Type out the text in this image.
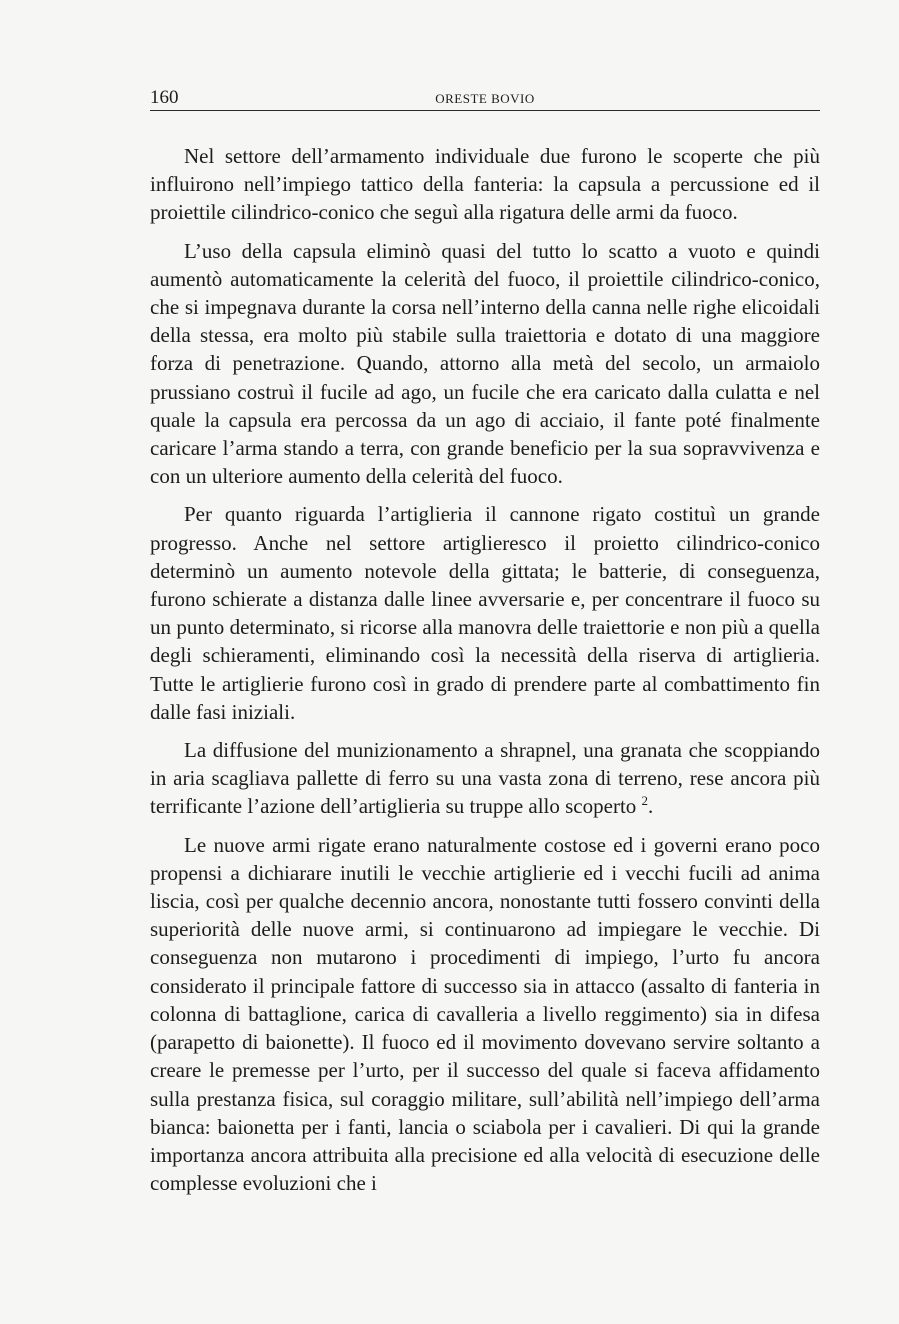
160	ORESTE BOVIO

Nel settore dell’armamento individuale due furono le scoperte che più influirono nell’impiego tattico della fanteria: la capsula a percussione ed il proiettile cilindrico-conico che seguì alla rigatura delle armi da fuoco.

L’uso della capsula eliminò quasi del tutto lo scatto a vuoto e quindi aumentò automaticamente la celerità del fuoco, il proiettile cilindrico-conico, che si impegnava durante la corsa nell’interno della canna nelle righe elicoidali della stessa, era molto più stabile sulla traiettoria e dotato di una maggiore forza di penetrazione. Quando, attorno alla metà del secolo, un armaiolo prussiano costruì il fucile ad ago, un fucile che era caricato dalla culatta e nel quale la capsula era percossa da un ago di acciaio, il fante poté finalmente caricare l’arma stando a terra, con grande beneficio per la sua sopravvivenza e con un ulteriore aumento della celerità del fuoco.

Per quanto riguarda l’artiglieria il cannone rigato costituì un grande progresso. Anche nel settore artiglieresco il proietto cilindrico-conico determinò un aumento notevole della gittata; le batterie, di conseguenza, furono schierate a distanza dalle linee avversarie e, per concentrare il fuoco su un punto determinato, si ricorse alla manovra delle traiettorie e non più a quella degli schieramenti, eliminando così la necessità della riserva di artiglieria. Tutte le artiglierie furono così in grado di prendere parte al combattimento fin dalle fasi iniziali.

La diffusione del munizionamento a shrapnel, una granata che scoppiando in aria scagliava pallette di ferro su una vasta zona di terreno, rese ancora più terrificante l’azione dell’artiglieria su truppe allo scoperto $^2$.

Le nuove armi rigate erano naturalmente costose ed i governi erano poco propensi a dichiarare inutili le vecchie artiglierie ed i vecchi fucili ad anima liscia, così per qualche decennio ancora, nonostante tutti fossero convinti della superiorità delle nuove armi, si continuarono ad impiegare le vecchie. Di conseguenza non mutarono i procedimenti di impiego, l’urto fu ancora considerato il principale fattore di successo sia in attacco (assalto di fanteria in colonna di battaglione, carica di cavalleria a livello reggimento) sia in difesa (parapetto di baionette). Il fuoco ed il movimento dovevano servire soltanto a creare le premesse per l’urto, per il successo del quale si faceva affidamento sulla prestanza fisica, sul coraggio militare, sull’abilità nell’impiego dell’arma bianca: baionetta per i fanti, lancia o sciabola per i cavalieri. Di qui la grande importanza ancora attribuita alla precisione ed alla velocità di esecuzione delle complesse evoluzioni che i
